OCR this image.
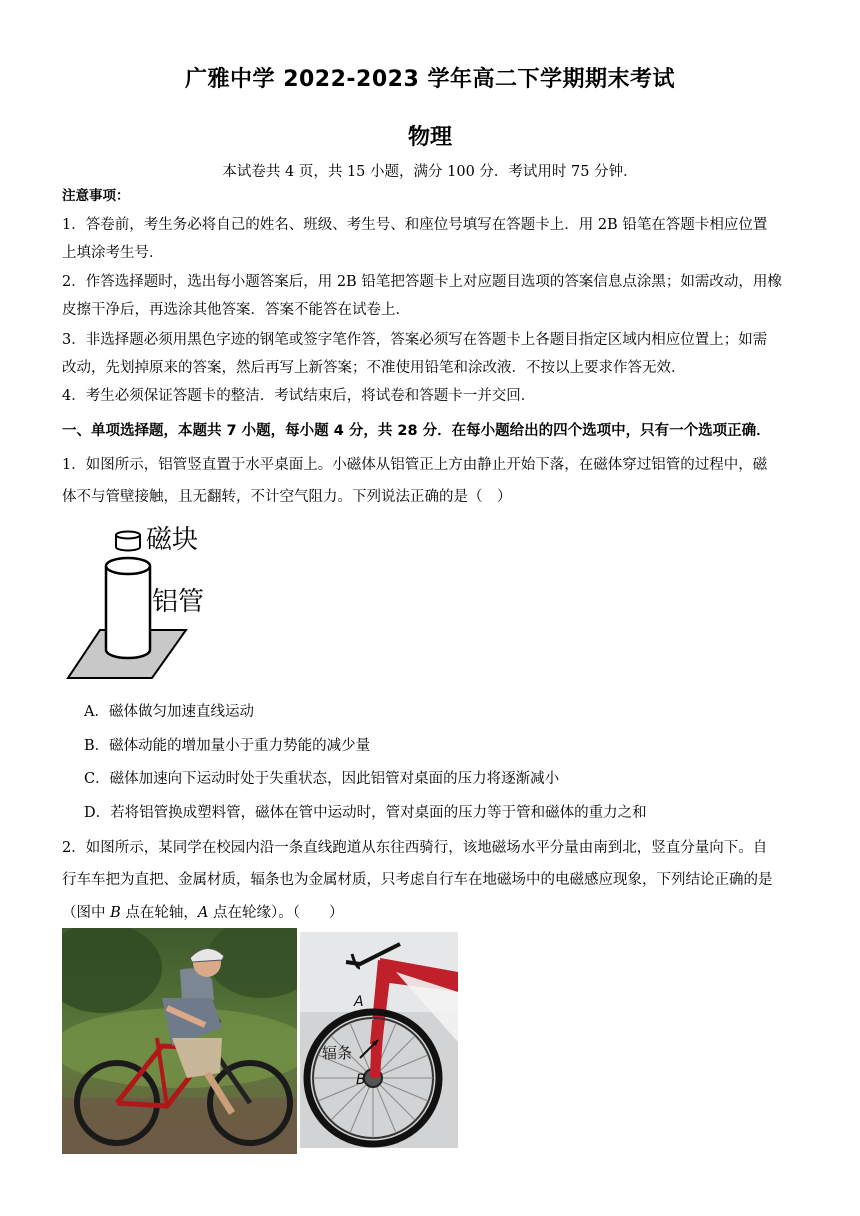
广雅中学 2022-2023 学年高二下学期期末考试
物理
本试卷共 4 页，共 15 小题，满分 100 分．考试用时 75 分钟．
注意事项：
1．答卷前，考生务必将自己的姓名、班级、考生号、和座位号填写在答题卡上．用 2B 铅笔在答题卡相应位置
上填涂考生号．
2．作答选择题时，选出每小题答案后，用 2B 铅笔把答题卡上对应题目选项的答案信息点涂黑；如需改动，用橡
皮擦干净后，再选涂其他答案．答案不能答在试卷上．
3．非选择题必须用黑色字迹的钢笔或签字笔作答，答案必须写在答题卡上各题目指定区域内相应位置上；如需
改动，先划掉原来的答案，然后再写上新答案；不准使用铅笔和涂改液．不按以上要求作答无效．
4．考生必须保证答题卡的整洁．考试结束后，将试卷和答题卡一并交回．
一、单项选择题，本题共 7 小题，每小题 4 分，共 28 分．在每小题给出的四个选项中，只有一个选项正确．
1．如图所示，铝管竖直置于水平桌面上。小磁体从铝管正上方由静止开始下落，在磁体穿过铝管的过程中，磁
体不与管壁接触，且无翻转，不计空气阻力。下列说法正确的是（　）
磁块
铝管
A．磁体做匀加速直线运动
B．磁体动能的增加量小于重力势能的减少量
C．磁体加速向下运动时处于失重状态，因此铝管对桌面的压力将逐渐减小
D．若将铝管换成塑料管，磁体在管中运动时，管对桌面的压力等于管和磁体的重力之和
2．如图所示，某同学在校园内沿一条直线跑道从东往西骑行，该地磁场水平分量由南到北，竖直分量向下。自
行车车把为直把、金属材质，辐条也为金属材质，只考虑自行车在地磁场中的电磁感应现象，下列结论正确的是
（图中 B 点在轮轴，A 点在轮缘）。（　　）
A
辐条
B
